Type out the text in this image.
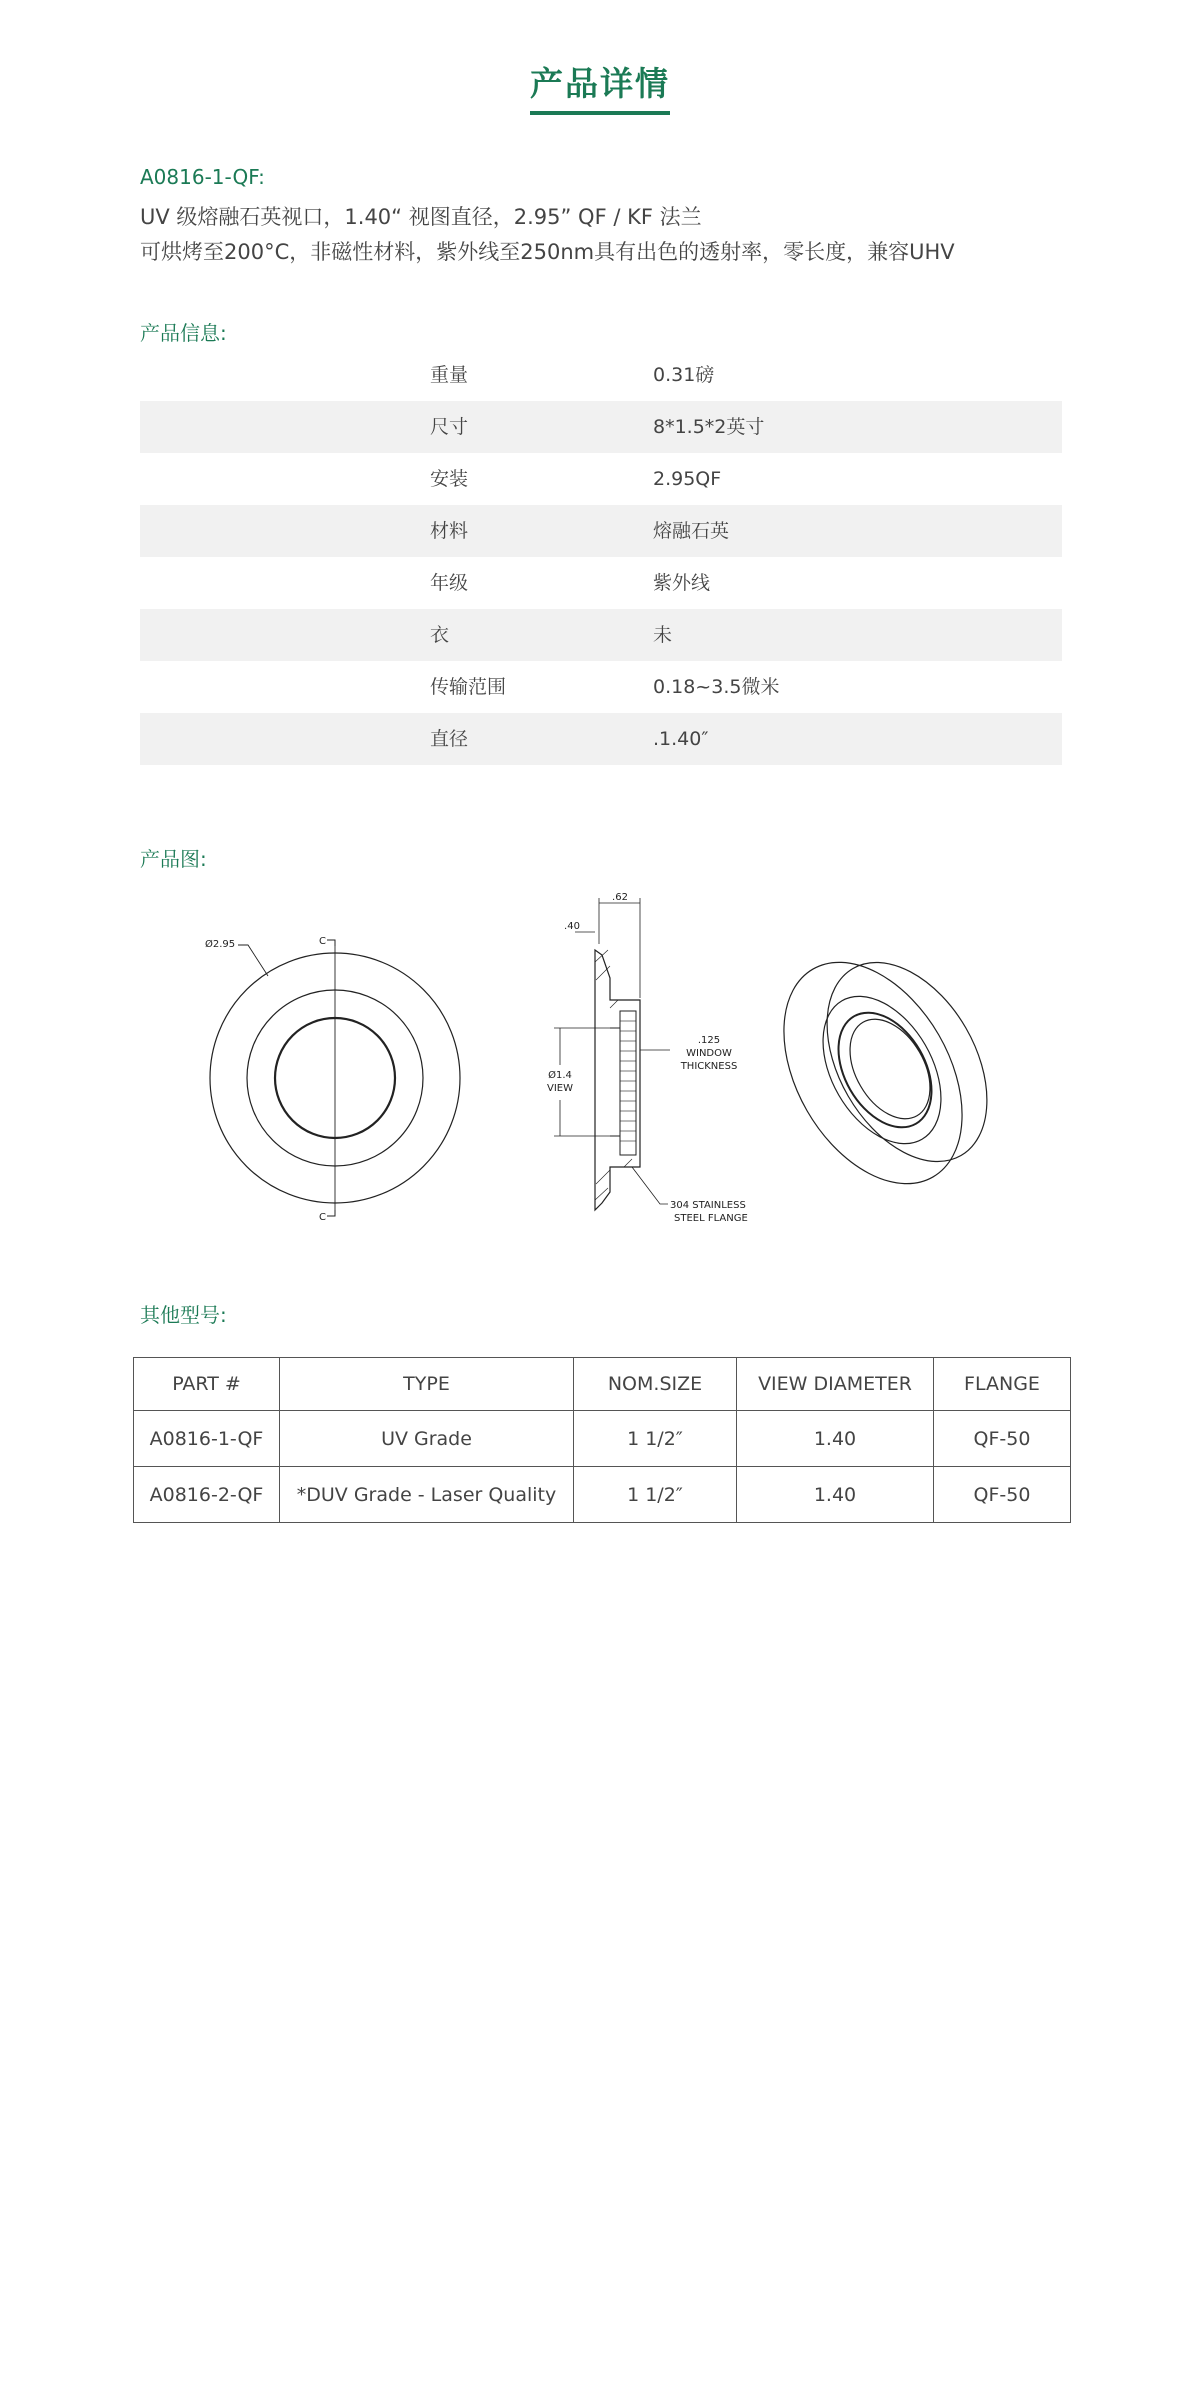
产品详情
A0816-1-QF:
UV 级熔融石英视口，1.40“ 视图直径，2.95” QF / KF 法兰
可烘烤至200°C，非磁性材料，紫外线至250nm具有出色的透射率，零长度，兼容UHV
产品信息:
重量	0.31磅
尺寸	8*1.5*2英寸
安装	2.95QF
材料	熔融石英
年级	紫外线
衣	未
传输范围	0.18~3.5微米
直径	.1.40″
产品图:
C
C
Ø2.95
.62
.40
Ø1.4
VIEW
.125
WINDOW
THICKNESS
304 STAINLESS
STEEL FLANGE
其他型号:
PART #	TYPE	NOM.SIZE	VIEW DIAMETER	FLANGE
A0816-1-QF	UV Grade	1 1/2″	1.40	QF-50
A0816-2-QF	*DUV Grade - Laser Quality	1 1/2″	1.40	QF-50
